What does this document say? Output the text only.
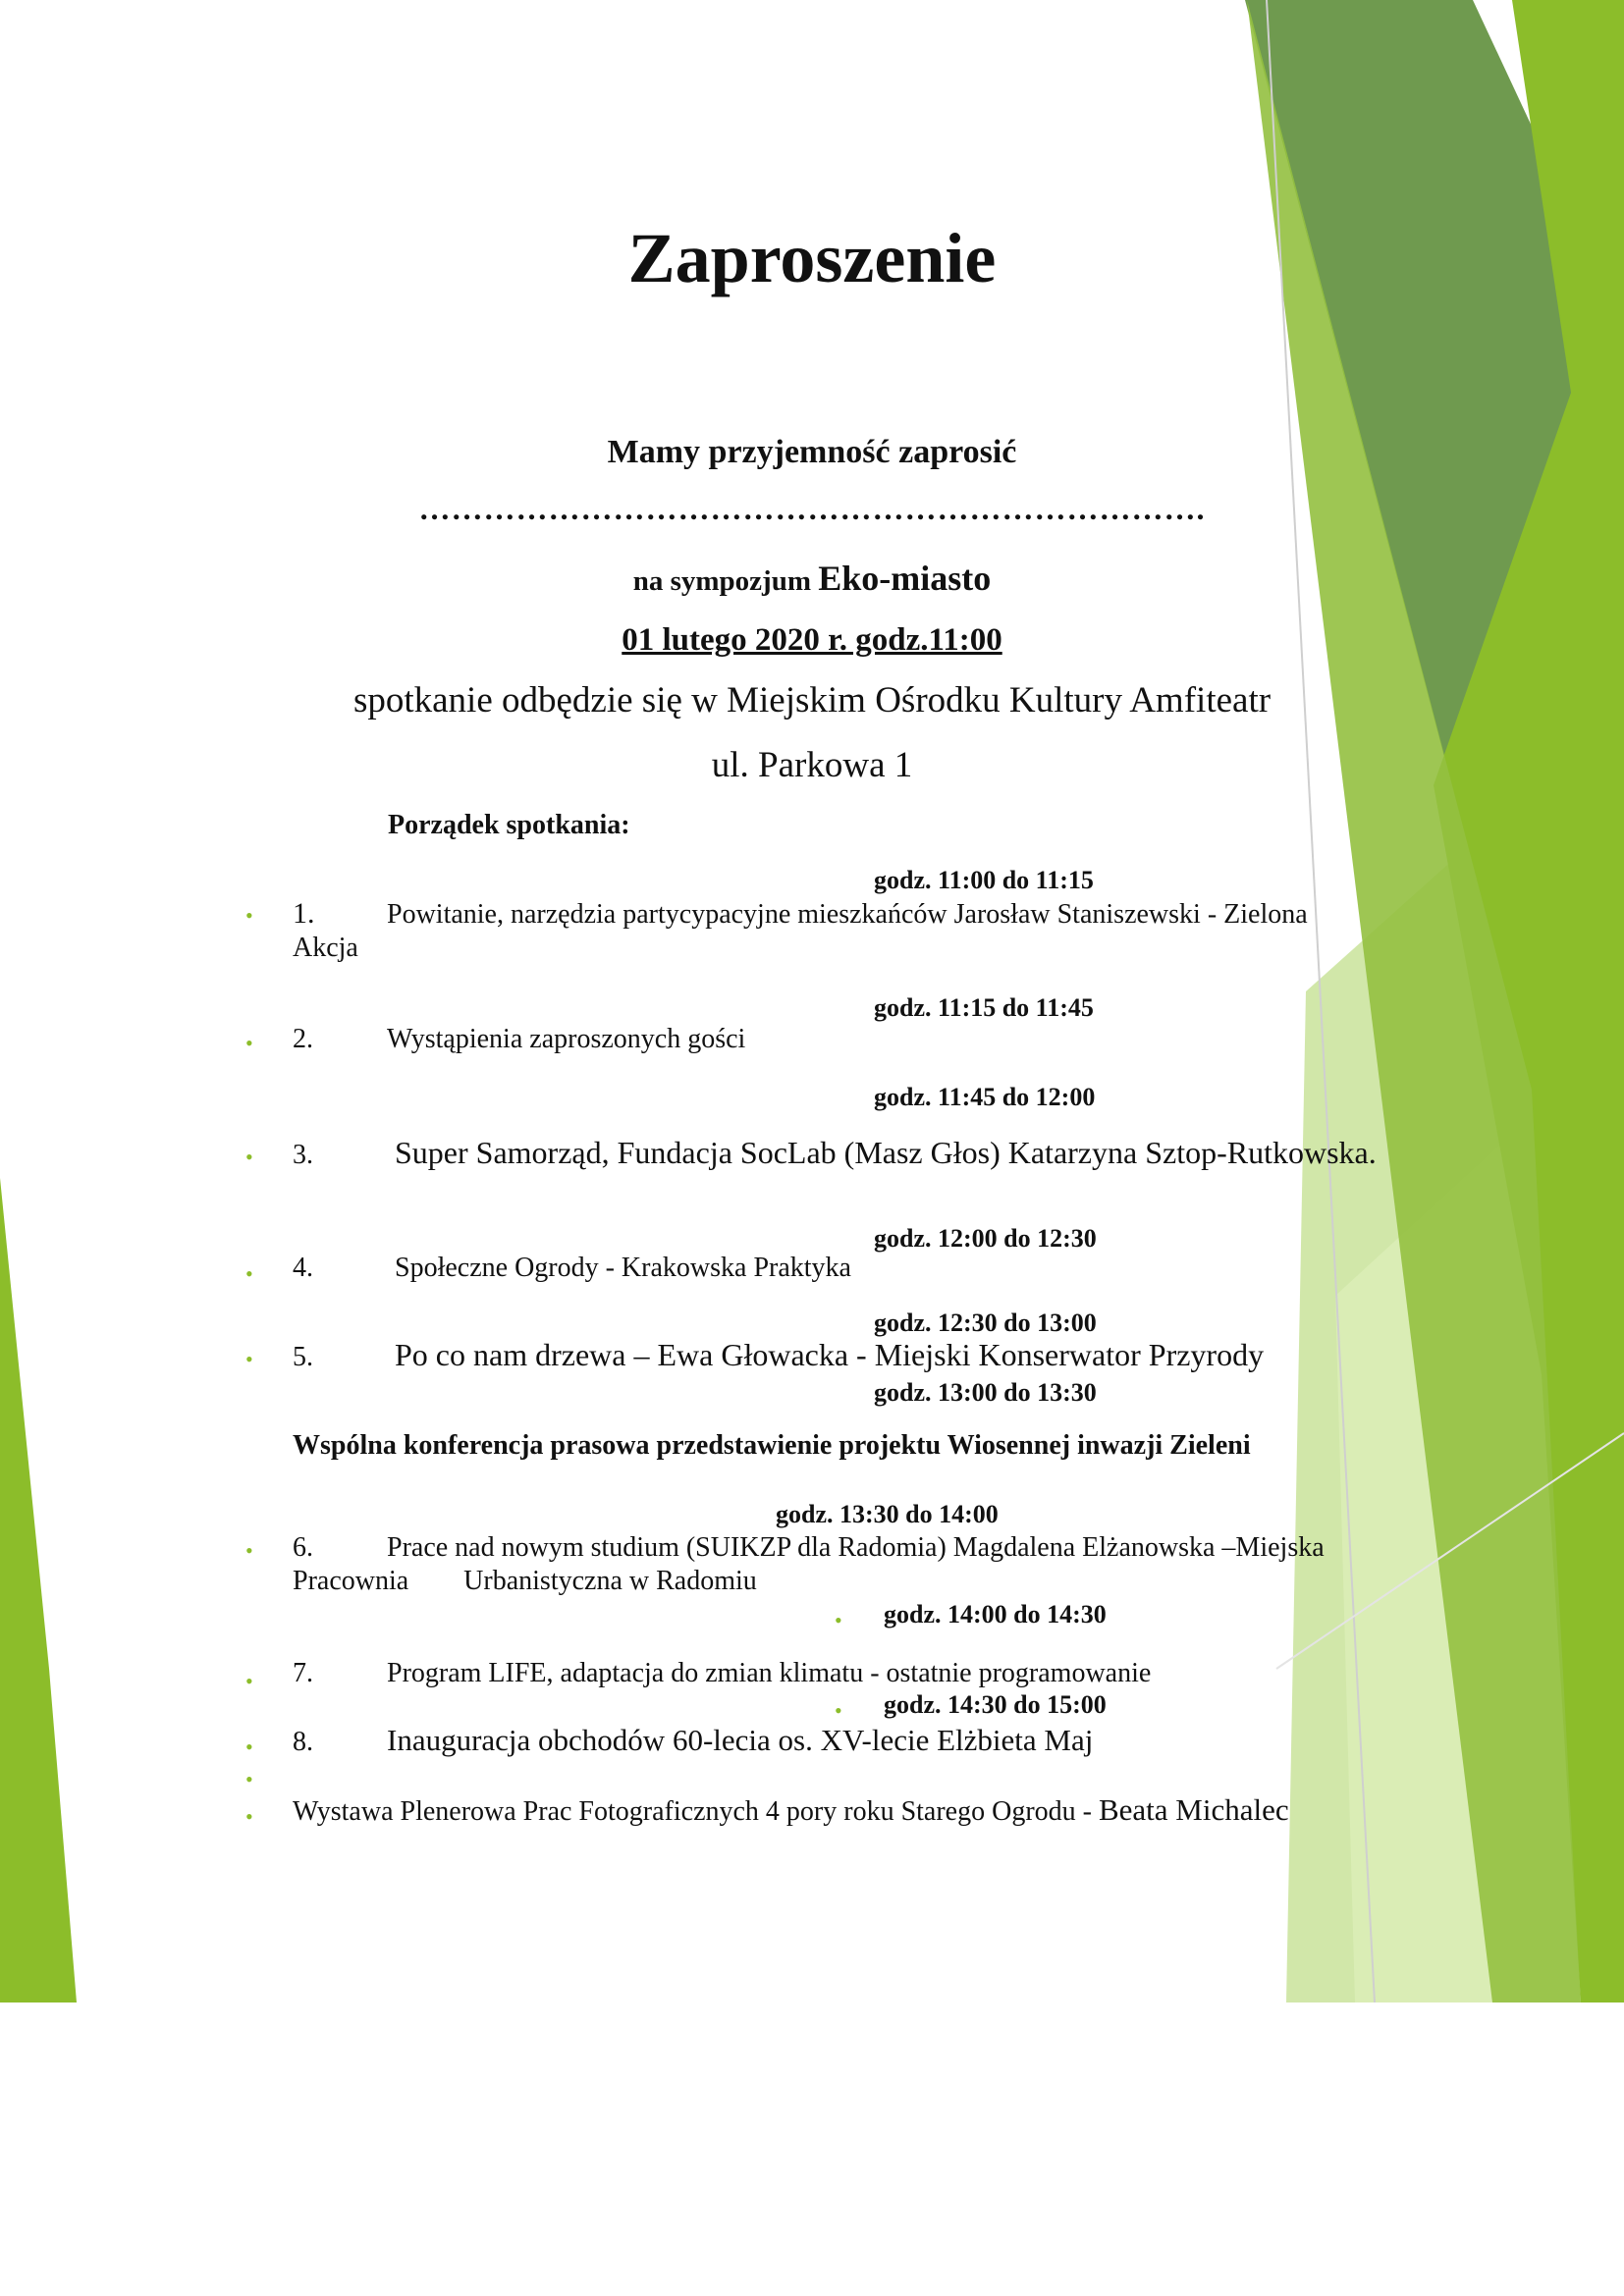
Zaproszenie
Mamy przyjemność zaprosić
……………………………………………………………….
na sympozjum Eko-miasto
01 lutego 2020 r. godz.11:00
spotkanie odbędzie się w Miejskim Ośrodku Kultury Amfiteatr
ul. Parkowa 1
Porządek spotkania:
godz. 11:00 do 11:15
• 1.	Powitanie, narzędzia partycypacyjne mieszkańców Jarosław Staniszewski - Zielona
Akcja
godz. 11:15 do 11:45
• 2.	Wystąpienia zaproszonych gości
godz. 11:45 do 12:00
• 3.	Super Samorząd, Fundacja SocLab (Masz Głos) Katarzyna Sztop-Rutkowska.
godz. 12:00 do 12:30
• 4.	Społeczne Ogrody - Krakowska Praktyka
godz. 12:30 do 13:00
• 5.	Po co nam drzewa – Ewa Głowacka - Miejski Konserwator Przyrody
godz. 13:00 do 13:30
Wspólna konferencja prasowa przedstawienie projektu Wiosennej inwazji Zieleni
godz. 13:30 do 14:00
• 6.	Prace nad nowym studium (SUIKZP dla Radomia) Magdalena Elżanowska –Miejska
Pracownia        Urbanistyczna w Radomiu
• godz. 14:00 do 14:30
• 7.	Program LIFE, adaptacja do zmian klimatu - ostatnie programowanie
• godz. 14:30 do 15:00
• 8. Inauguracja obchodów 60-lecia os. XV-lecie Elżbieta Maj
•
• Wystawa Plenerowa Prac Fotograficznych 4 pory roku Starego Ogrodu - Beata Michalec
